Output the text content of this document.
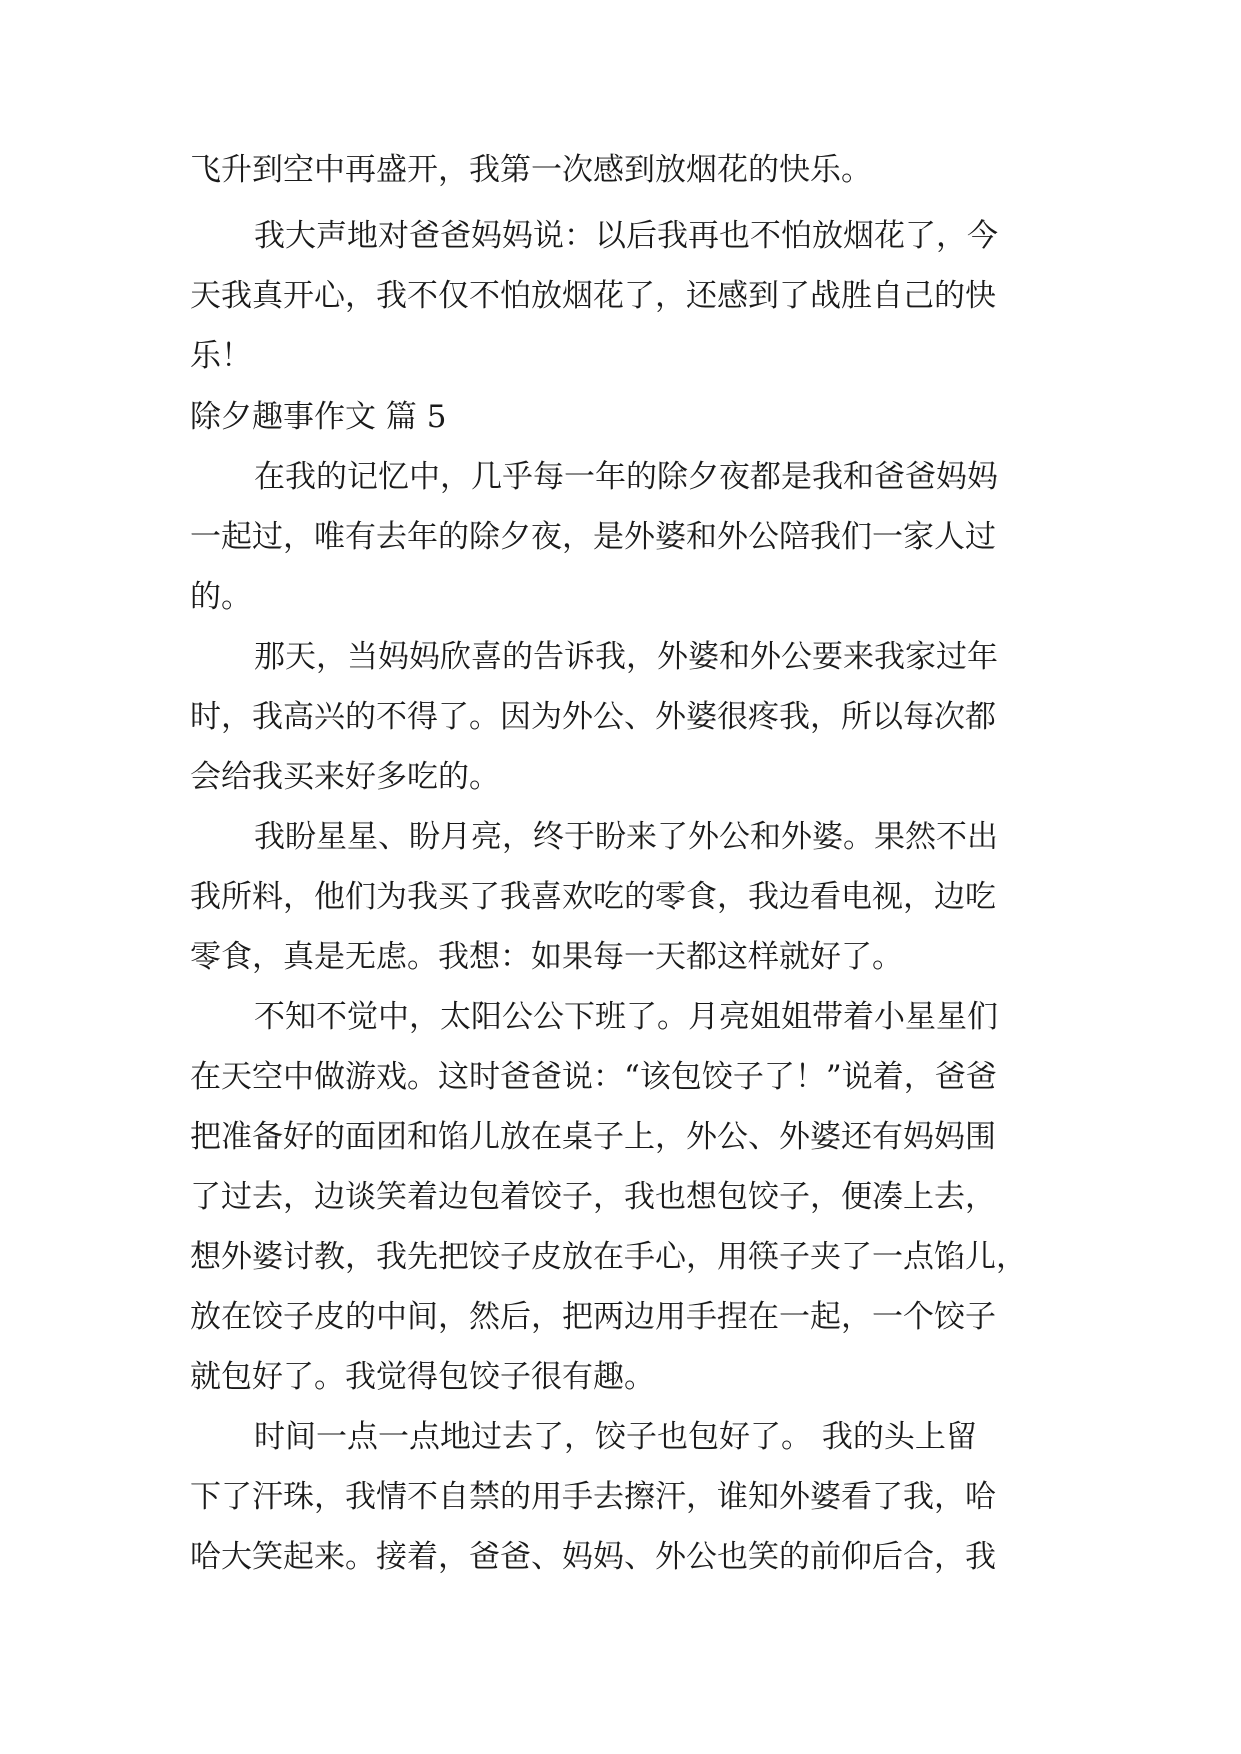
飞升到空中再盛开，我第一次感到放烟花的快乐。
我大声地对爸爸妈妈说：以后我再也不怕放烟花了，今
天我真开心，我不仅不怕放烟花了，还感到了战胜自己的快
乐！
除夕趣事作文 篇 5
在我的记忆中，几乎每一年的除夕夜都是我和爸爸妈妈
一起过，唯有去年的除夕夜，是外婆和外公陪我们一家人过
的。
那天，当妈妈欣喜的告诉我，外婆和外公要来我家过年
时，我高兴的不得了。因为外公、外婆很疼我，所以每次都
会给我买来好多吃的。
我盼星星、盼月亮，终于盼来了外公和外婆。果然不出
我所料，他们为我买了我喜欢吃的零食，我边看电视，边吃
零食，真是无虑。我想：如果每一天都这样就好了。
不知不觉中，太阳公公下班了。月亮姐姐带着小星星们
在天空中做游戏。这时爸爸说：“该包饺子了！”说着，爸爸
把准备好的面团和馅儿放在桌子上，外公、外婆还有妈妈围
了过去，边谈笑着边包着饺子，我也想包饺子，便凑上去，
想外婆讨教，我先把饺子皮放在手心，用筷子夹了一点馅儿，
放在饺子皮的中间，然后，把两边用手捏在一起，一个饺子
就包好了。我觉得包饺子很有趣。
时间一点一点地过去了，饺子也包好了。 我的头上留
下了汗珠，我情不自禁的用手去擦汗，谁知外婆看了我，哈
哈大笑起来。接着，爸爸、妈妈、外公也笑的前仰后合，我
